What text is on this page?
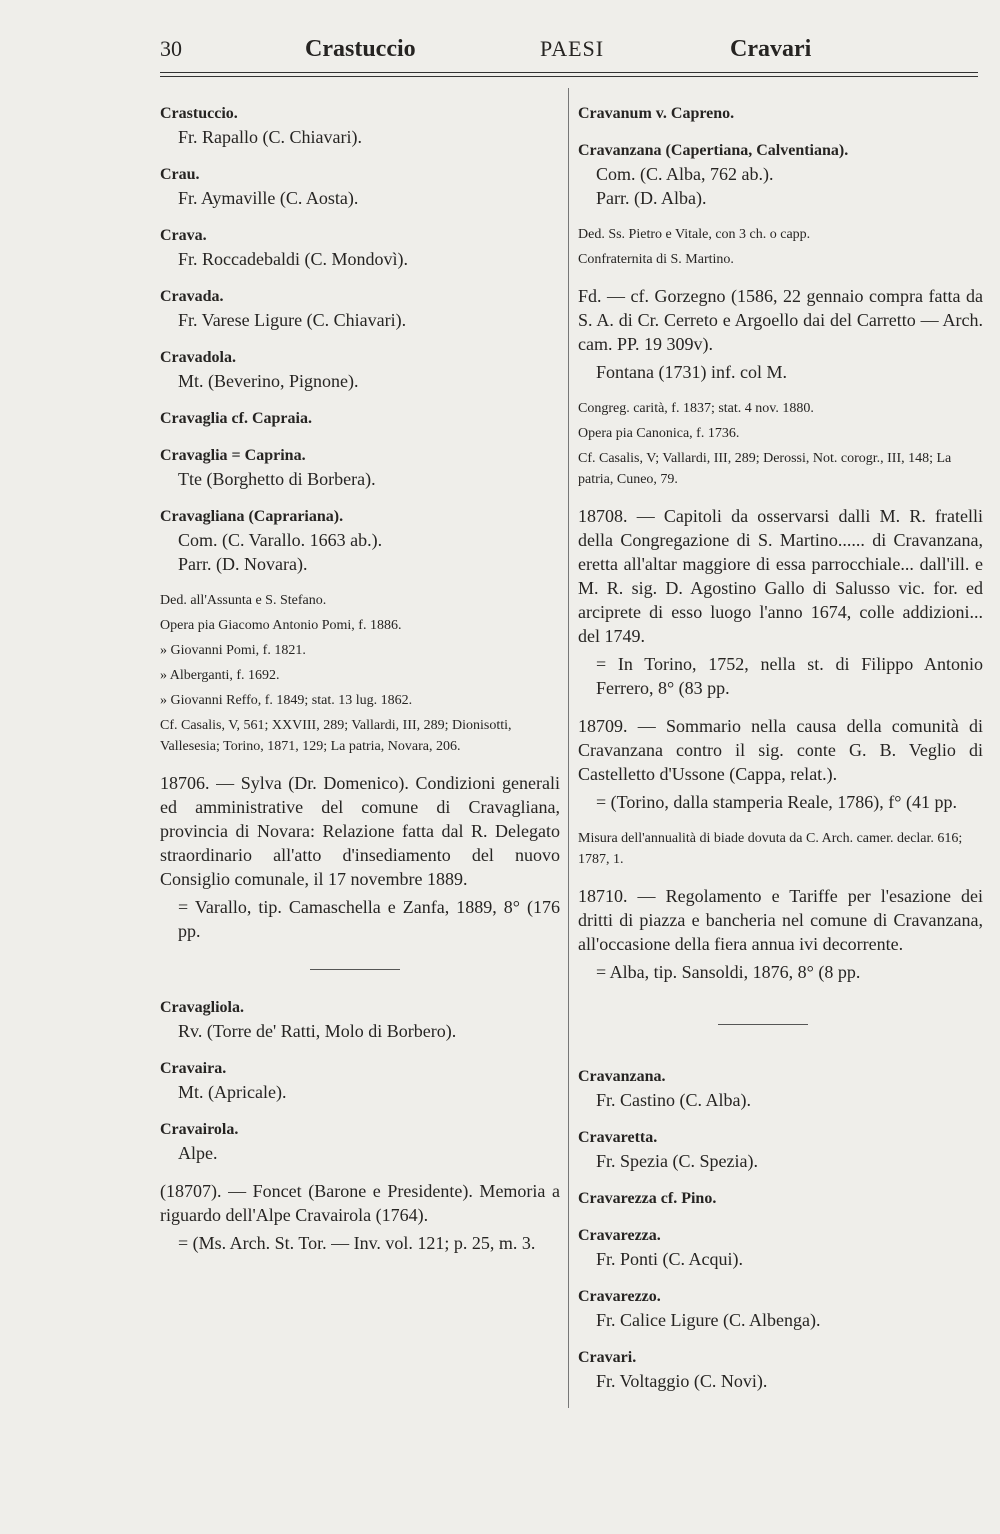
30	Crastuccio	PAESI	Cravari
Crastuccio.
Fr. Rapallo (C. Chiavari).
Crau.
Fr. Aymaville (C. Aosta).
Crava.
Fr. Roccadebaldi (C. Mondovì).
Cravada.
Fr. Varese Ligure (C. Chiavari).
Cravadola.
Mt. (Beverino, Pignone).
Cravaglia cf. Capraia.
Cravaglia = Caprina.
Tte (Borghetto di Borbera).
Cravagliana (Caprariana).
Com. (C. Varallo. 1663 ab.).
Parr. (D. Novara).
Ded. all'Assunta e S. Stefano.
Opera pia Giacomo Antonio Pomi, f. 1886.
» Giovanni Pomi, f. 1821.
» Alberganti, f. 1692.
» Giovanni Reffo, f. 1849; stat. 13 lug. 1862.
Cf. Casalis, V, 561; XXVIII, 289; Vallardi, III, 289; Dionisotti, Vallesesia; Torino, 1871, 129; La patria, Novara, 206.
18706. — Sylva (Dr. Domenico). Condizioni generali ed amministrative del comune di Cravagliana, provincia di Novara: Relazione fatta dal R. Delegato straordinario all'atto d'insediamento del nuovo Consiglio comunale, il 17 novembre 1889.
= Varallo, tip. Camaschella e Zanfa, 1889, 8° (176 pp.
Cravagliola.
Rv. (Torre de' Ratti, Molo di Borbero).
Cravaira.
Mt. (Apricale).
Cravairola.
Alpe.
(18707). — Foncet (Barone e Presidente). Memoria a riguardo dell'Alpe Cravairola (1764).
= (Ms. Arch. St. Tor. — Inv. vol. 121; p. 25, m. 3.
Cravanum v. Capreno.
Cravanzana (Capertiana, Calventiana).
Com. (C. Alba, 762 ab.).
Parr. (D. Alba).
Ded. Ss. Pietro e Vitale, con 3 ch. o capp.
Confraternita di S. Martino.
Fd. — cf. Gorzegno (1586, 22 gennaio compra fatta da S. A. di Cr. Cerreto e Argoello dai del Carretto — Arch. cam. PP. 19 309v).
Fontana (1731) inf. col M.
Congreg. carità, f. 1837; stat. 4 nov. 1880.
Opera pia Canonica, f. 1736.
Cf. Casalis, V; Vallardi, III, 289; Derossi, Not. corogr., III, 148; La patria, Cuneo, 79.
18708. — Capitoli da osservarsi dalli M. R. fratelli della Congregazione di S. Martino...... di Cravanzana, eretta all'altar maggiore di essa parrocchiale... dall'ill. e M. R. sig. D. Agostino Gallo di Salusso vic. for. ed arciprete di esso luogo l'anno 1674, colle addizioni... del 1749.
= In Torino, 1752, nella st. di Filippo Antonio Ferrero, 8° (83 pp.
18709. — Sommario nella causa della comunità di Cravanzana contro il sig. conte G. B. Veglio di Castelletto d'Ussone (Cappa, relat.).
= (Torino, dalla stamperia Reale, 1786), f° (41 pp.
Misura dell'annualità di biade dovuta da C. Arch. camer. declar. 616; 1787, 1.
18710. — Regolamento e Tariffe per l'esazione dei dritti di piazza e bancheria nel comune di Cravanzana, all'occasione della fiera annua ivi decorrente.
= Alba, tip. Sansoldi, 1876, 8° (8 pp.
Cravanzana.
Fr. Castino (C. Alba).
Cravaretta.
Fr. Spezia (C. Spezia).
Cravarezza cf. Pino.
Cravarezza.
Fr. Ponti (C. Acqui).
Cravarezzo.
Fr. Calice Ligure (C. Albenga).
Cravari.
Fr. Voltaggio (C. Novi).
